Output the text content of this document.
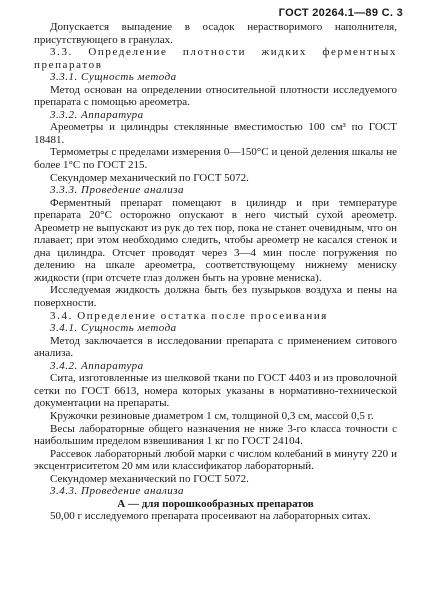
ГОСТ 20264.1—89 С. 3

Допускается выпадение в осадок нерастворимого наполнителя, присутствующего в гранулах.

3.3. Определение плотности жидких ферментных препаратов

3.3.1. Сущность метода

Метод основан на определении относительной плотности исследуемого препарата с помощью ареометра.

3.3.2. Аппаратура

Ареометры и цилиндры стеклянные вместимостью 100 см³ по ГОСТ 18481.

Термометры с пределами измерения 0—150°C и ценой деления шкалы не более 1°C по ГОСТ 215.

Секундомер механический по ГОСТ 5072.

3.3.3. Проведение анализа

Ферментный препарат помещают в цилиндр и при температуре препарата 20°C осторожно опускают в него чистый сухой ареометр. Ареометр не выпускают из рук до тех пор, пока не станет очевидным, что он плавает; при этом необходимо следить, чтобы ареометр не касался стенок и дна цилиндра. Отсчет проводят через 3—4 мин после погружения по делению на шкале ареометра, соответствующему нижнему мениску жидкости (при отсчете глаз должен быть на уровне мениска).

Исследуемая жидкость должна быть без пузырьков воздуха и пены на поверхности.

3.4. Определение остатка после просеивания

3.4.1. Сущность метода

Метод заключается в исследовании препарата с применением ситового анализа.

3.4.2. Аппаратура

Сита, изготовленные из шелковой ткани по ГОСТ 4403 и из проволочной сетки по ГОСТ 6613, номера которых указаны в нормативно-технической документации на препараты.

Кружочки резиновые диаметром 1 см, толщиной 0,3 см, массой 0,5 г.

Весы лабораторные общего назначения не ниже 3-го класса точности с наибольшим пределом взвешивания 1 кг по ГОСТ 24104.

Рассевок лабораторный любой марки с числом колебаний в минуту 220 и эксцентриситетом 20 мм или классификатор лабораторный.

Секундомер механический по ГОСТ 5072.

3.4.3. Проведение анализа

А — для порошкообразных препаратов

50,00 г исследуемого препарата просеивают на лабораторных ситах.
